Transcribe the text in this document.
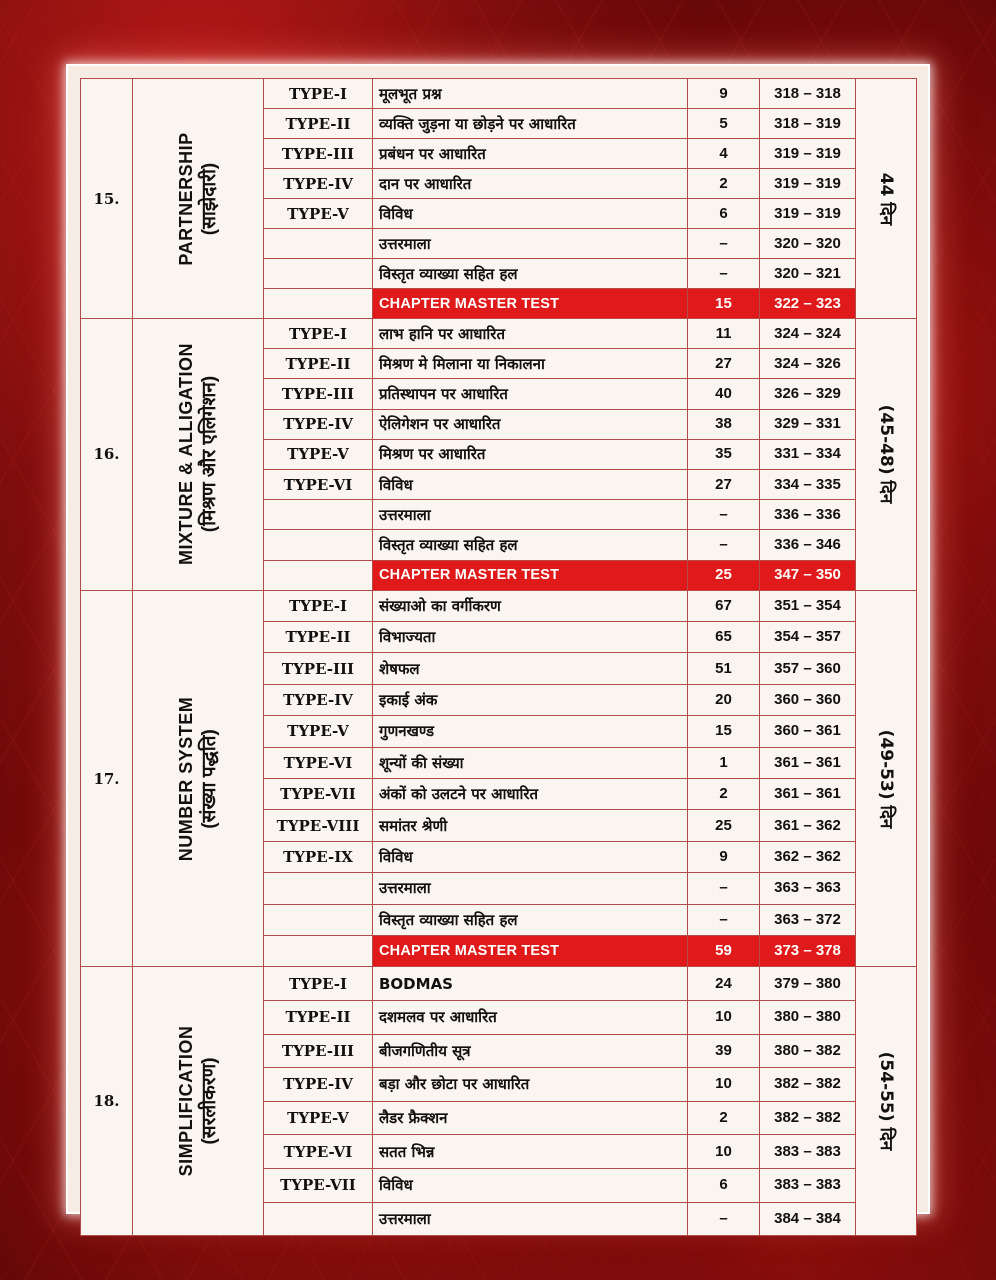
15.	PARTNERSHIP (साझेदारी)	TYPE-I	मूलभूत प्रश्न	9	318 – 318	44 दिन

		TYPE-II	व्यक्ति जुड़ना या छोड़ने पर आधारित	5	318 – 319	
		TYPE-III	प्रबंधन पर आधारित	4	319 – 319	
		TYPE-IV	दान पर आधारित	2	319 – 319	
		TYPE-V	विविध	6	319 – 319	
			उत्तरमाला	–	320 – 320	
			विस्तृत व्याख्या सहित हल	–	320 – 321	
			CHAPTER MASTER TEST	15	322 – 323	
16.	MIXTURE & ALLIGATION (मिश्रण और एलिगेशन)	TYPE-I	लाभ हानि पर आधारित	11	324 – 324	(45-48) दिन

		TYPE-II	मिश्रण मे मिलाना या निकालना	27	324 – 326	
		TYPE-III	प्रतिस्थापन पर आधारित	40	326 – 329	
		TYPE-IV	ऐलिगेशन पर आधारित	38	329 – 331	
		TYPE-V	मिश्रण पर आधारित	35	331 – 334	
		TYPE-VI	विविध	27	334 – 335	
			उत्तरमाला	–	336 – 336	
			विस्तृत व्याख्या सहित हल	–	336 – 346	
			CHAPTER MASTER TEST	25	347 – 350	
17.	NUMBER SYSTEM (संख्या पद्धति)	TYPE-I	संख्याओ का वर्गीकरण	67	351 – 354	(49-53) दिन

		TYPE-II	विभाज्यता	65	354 – 357	
		TYPE-III	शेषफल	51	357 – 360	
		TYPE-IV	इकाई अंक	20	360 – 360	
		TYPE-V	गुणनखण्ड	15	360 – 361	
		TYPE-VI	शून्यों की संख्या	1	361 – 361	
		TYPE-VII	अंकों को उलटने पर आधारित	2	361 – 361	
		TYPE-VIII	समांतर श्रेणी	25	361 – 362	
		TYPE-IX	विविध	9	362 – 362	
			उत्तरमाला	–	363 – 363	
			विस्तृत व्याख्या सहित हल	–	363 – 372	
			CHAPTER MASTER TEST	59	373 – 378	
18.	SIMPLIFICATION (सरलीकरण)	TYPE-I	BODMAS	24	379 – 380	(54-55) दिन

		TYPE-II	दशमलव पर आधारित	10	380 – 380	
		TYPE-III	बीजगणितीय सूत्र	39	380 – 382	
		TYPE-IV	बड़ा और छोटा पर आधारित	10	382 – 382	
		TYPE-V	लैडर फ्रैक्शन	2	382 – 382	
		TYPE-VI	सतत भिन्न	10	383 – 383	
		TYPE-VII	विविध	6	383 – 383	
			उत्तरमाला	–	384 – 384	
